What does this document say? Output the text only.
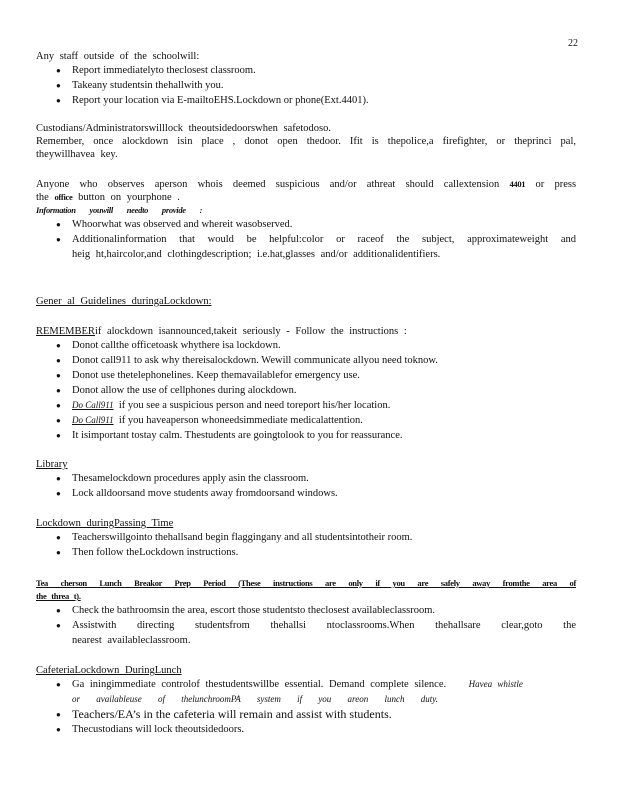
22
Any staff outside of the schoolwill:
● Report immediatelyto theclosest classroom.
● Takeany studentsin thehallwith you.
● Report your location via E-mailtoEHS.Lockdown or phone(Ext.4401).
Custodians/Administratorswilllock theoutsidedoorswhen safetodoso.
Remember, once alockdown isin place , donot open thedoor. Ifit is thepolice,a firefighter, or theprinci pal,
theywillhavea key.
Anyone who observes aperson whois deemed suspicious and/or athreat should callextension 4401 or press
the office button on yourphone .
Information youwill needto provide :
● Whoorwhat was observed and whereit wasobserved.
● Additionalinformation that would be helpful:color or raceof the subject, approximateweight and
heig ht,haircolor,and clothingdescription; i.e.hat,glasses and/or additionalidentifiers.
Gener al Guidelines duringaLockdown:
REMEMBERif alockdown isannounced,takeit seriously - Follow the instructions :
● Donot callthe officetoask whythere isa lockdown.
● Donot call911 to ask why thereisalockdown. Wewill communicate allyou need toknow.
● Donot use thetelephonelines. Keep themavailablefor emergency use.
● Donot allow the use of cellphones during alockdown.
● Do Call911 if you see a suspicious person and need toreport his/her location.
● Do Call911 if you haveaperson whoneedsimmediate medicalattention.
● It isimportant tostay calm. Thestudents are goingtolook to you for reassurance.
Library
● Thesamelockdown procedures apply asin the classroom.
● Lock alldoorsand move students away fromdoorsand windows.
Lockdown duringPassing Time
● Teacherswillgointo thehallsand begin flaggingany and all studentsintotheir room.
● Then follow theLockdown instructions.
Tea cherson Lunch Breakor Prep Period (These instructions are only if you are safely away fromthe area of
the threa t).
● Check the bathroomsin the area, escort those studentsto theclosest availableclassroom.
● Assistwith directing studentsfrom thehallsi ntoclassrooms.When thehallsare clear,goto the
nearest availableclassroom.
CafeteriaLockdown DuringLunch
● Ga iningimmediate controlof thestudentswillbe essential. Demand complete silence.	Havea whistle
or availableuse of thelunchroomPA system if you areon lunch duty.
● Teachers/EA’s in the cafeteria will remain and assist with students.
● Thecustodians will lock theoutsidedoors.
